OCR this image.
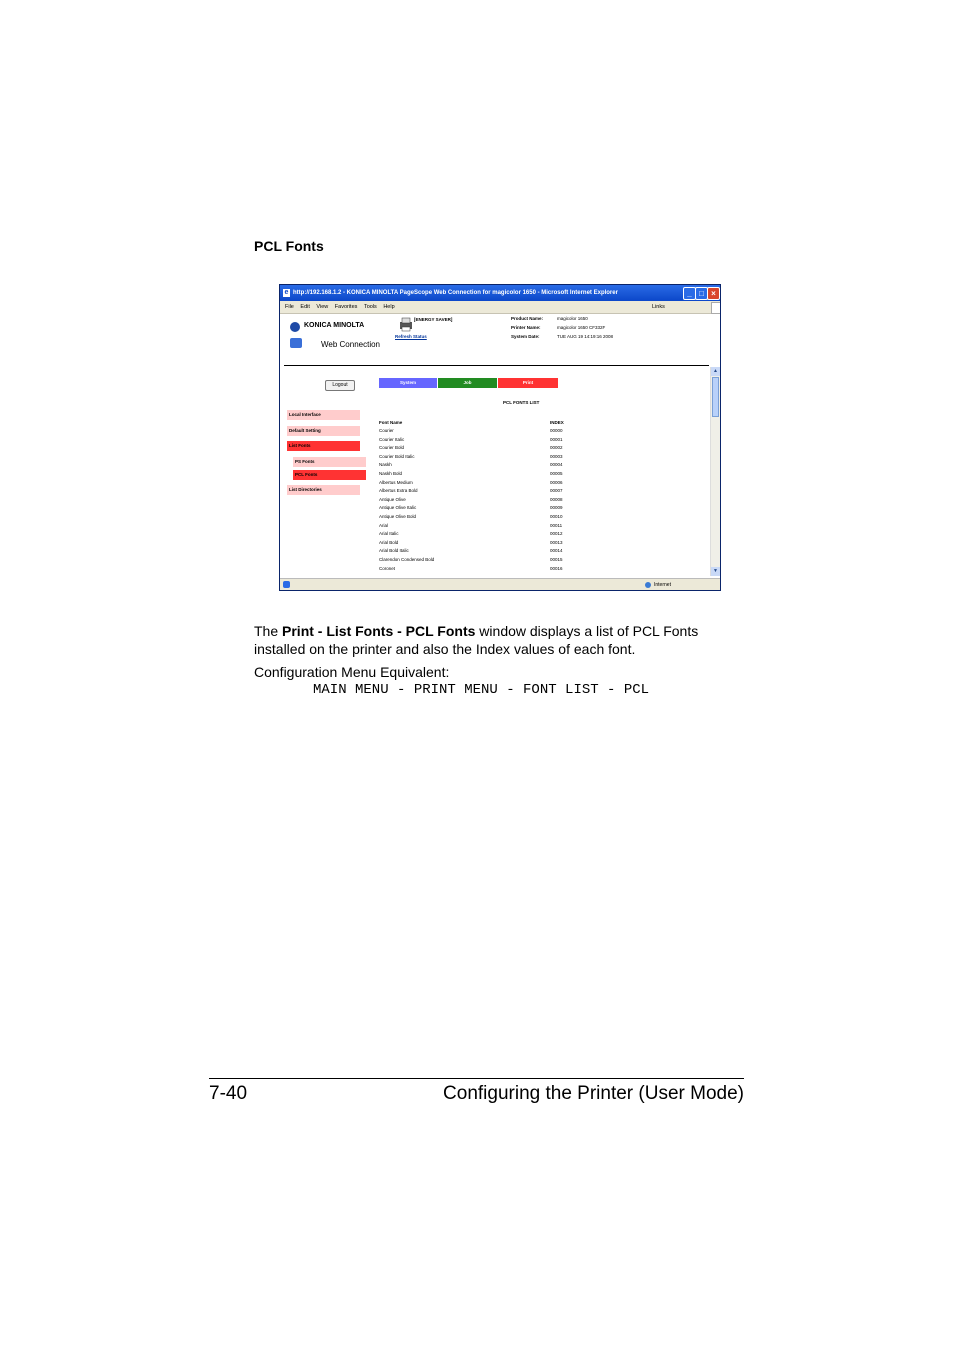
PCL Fonts
e http://192.168.1.2 - KONICA MINOLTA PageScope Web Connection for magicolor 1650 - Microsoft Internet Explorer	_ □ ×
File Edit View Favorites Tools Help	Links
KONICA MINOLTA
Web Connection
[ENERGY SAVER]
Refresh Status
Product Name:	magicolor 1650
Printer Name:	magicolor 1650 CF332F
System Date:	TUE AUG 19 14:19:16 2008
Logout	System	Job	Print
Local Interface
Default Setting
List Fonts
PS Fonts
PCL Fonts
List Directories
PCL FONTS LIST
Font Name	INDEX
Courier	00000
Courier Italic	00001
Courier Bold	00002
Courier Bold Italic	00003
Naskh	00004
Naskh Bold	00005
Albertus Medium	00006
Albertus Extra Bold	00007
Antique Olive	00008
Antique Olive Italic	00009
Antique Olive Bold	00010
Arial	00011
Arial Italic	00012
Arial Bold	00013
Arial Bold Italic	00014
Clarendon Condensed Bold	00015
Coronet	00016
▲
▼
Internet
The Print - List Fonts - PCL Fonts window displays a list of PCL Fonts installed on the printer and also the Index values of each font.
Configuration Menu Equivalent:
MAIN MENU - PRINT MENU - FONT LIST - PCL
7-40	Configuring the Printer (User Mode)
